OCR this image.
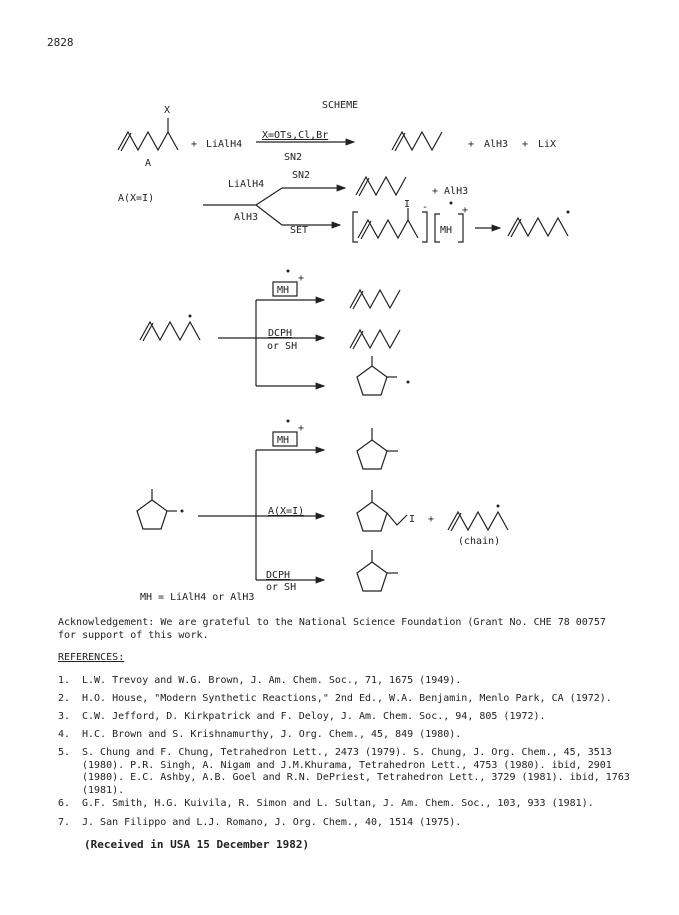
2828
SCHEME
X
A
+ LiAlH4
X=OTs,Cl,Br
SN2
+ AlH3 + LiX
A(X=I)
LiAlH4
AlH3
SN2
SET
+ AlH3
I -
MH
+
MH
+
DCPH
or SH
MH
+
A(X=I)
I +
(chain)
DCPH
or SH
MH = LiAlH4 or AlH3
Acknowledgement: We are grateful to the National Science Foundation (Grant No. CHE 78 00757 for support of this work.
REFERENCES:
1. L.W. Trevoy and W.G. Brown, J. Am. Chem. Soc., 71, 1675 (1949).
2. H.O. House, "Modern Synthetic Reactions," 2nd Ed., W.A. Benjamin, Menlo Park, CA (1972).
3. C.W. Jefford, D. Kirkpatrick and F. Deloy, J. Am. Chem. Soc., 94, 805 (1972).
4. H.C. Brown and S. Krishnamurthy, J. Org. Chem., 45, 849 (1980).
5. S. Chung and F. Chung, Tetrahedron Lett., 2473 (1979). S. Chung, J. Org. Chem., 45, 3513 (1980). P.R. Singh, A. Nigam and J.M.Khurama, Tetrahedron Lett., 4753 (1980). ibid, 2901 (1980). E.C. Ashby, A.B. Goel and R.N. DePriest, Tetrahedron Lett., 3729 (1981). ibid, 1763 (1981).
6. G.F. Smith, H.G. Kuivila, R. Simon and L. Sultan, J. Am. Chem. Soc., 103, 933 (1981).
7. J. San Filippo and L.J. Romano, J. Org. Chem., 40, 1514 (1975).
(Received in USA 15 December 1982)
